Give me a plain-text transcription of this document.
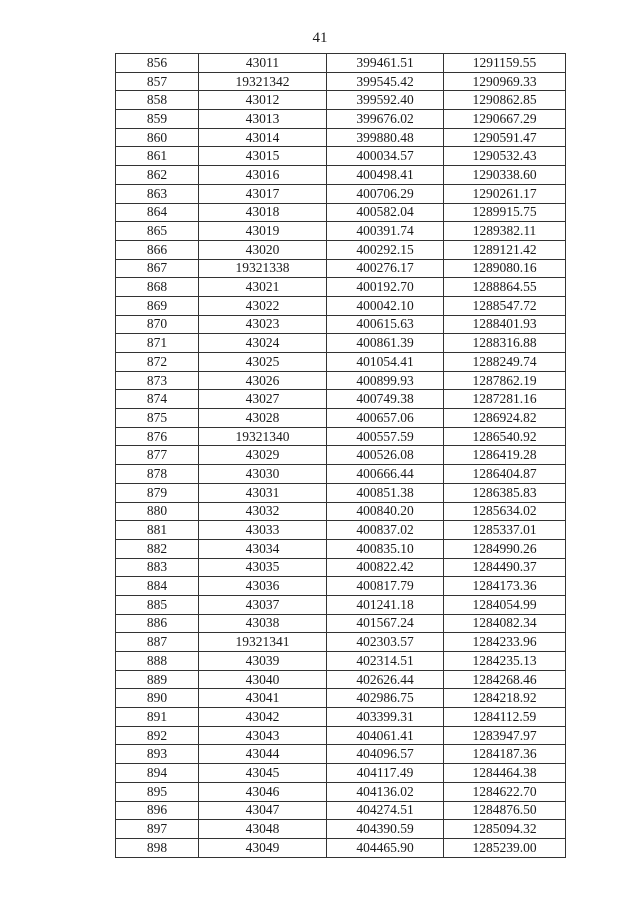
41
856	43011	399461.51	1291159.55
857	19321342	399545.42	1290969.33
858	43012	399592.40	1290862.85
859	43013	399676.02	1290667.29
860	43014	399880.48	1290591.47
861	43015	400034.57	1290532.43
862	43016	400498.41	1290338.60
863	43017	400706.29	1290261.17
864	43018	400582.04	1289915.75
865	43019	400391.74	1289382.11
866	43020	400292.15	1289121.42
867	19321338	400276.17	1289080.16
868	43021	400192.70	1288864.55
869	43022	400042.10	1288547.72
870	43023	400615.63	1288401.93
871	43024	400861.39	1288316.88
872	43025	401054.41	1288249.74
873	43026	400899.93	1287862.19
874	43027	400749.38	1287281.16
875	43028	400657.06	1286924.82
876	19321340	400557.59	1286540.92
877	43029	400526.08	1286419.28
878	43030	400666.44	1286404.87
879	43031	400851.38	1286385.83
880	43032	400840.20	1285634.02
881	43033	400837.02	1285337.01
882	43034	400835.10	1284990.26
883	43035	400822.42	1284490.37
884	43036	400817.79	1284173.36
885	43037	401241.18	1284054.99
886	43038	401567.24	1284082.34
887	19321341	402303.57	1284233.96
888	43039	402314.51	1284235.13
889	43040	402626.44	1284268.46
890	43041	402986.75	1284218.92
891	43042	403399.31	1284112.59
892	43043	404061.41	1283947.97
893	43044	404096.57	1284187.36
894	43045	404117.49	1284464.38
895	43046	404136.02	1284622.70
896	43047	404274.51	1284876.50
897	43048	404390.59	1285094.32
898	43049	404465.90	1285239.00
